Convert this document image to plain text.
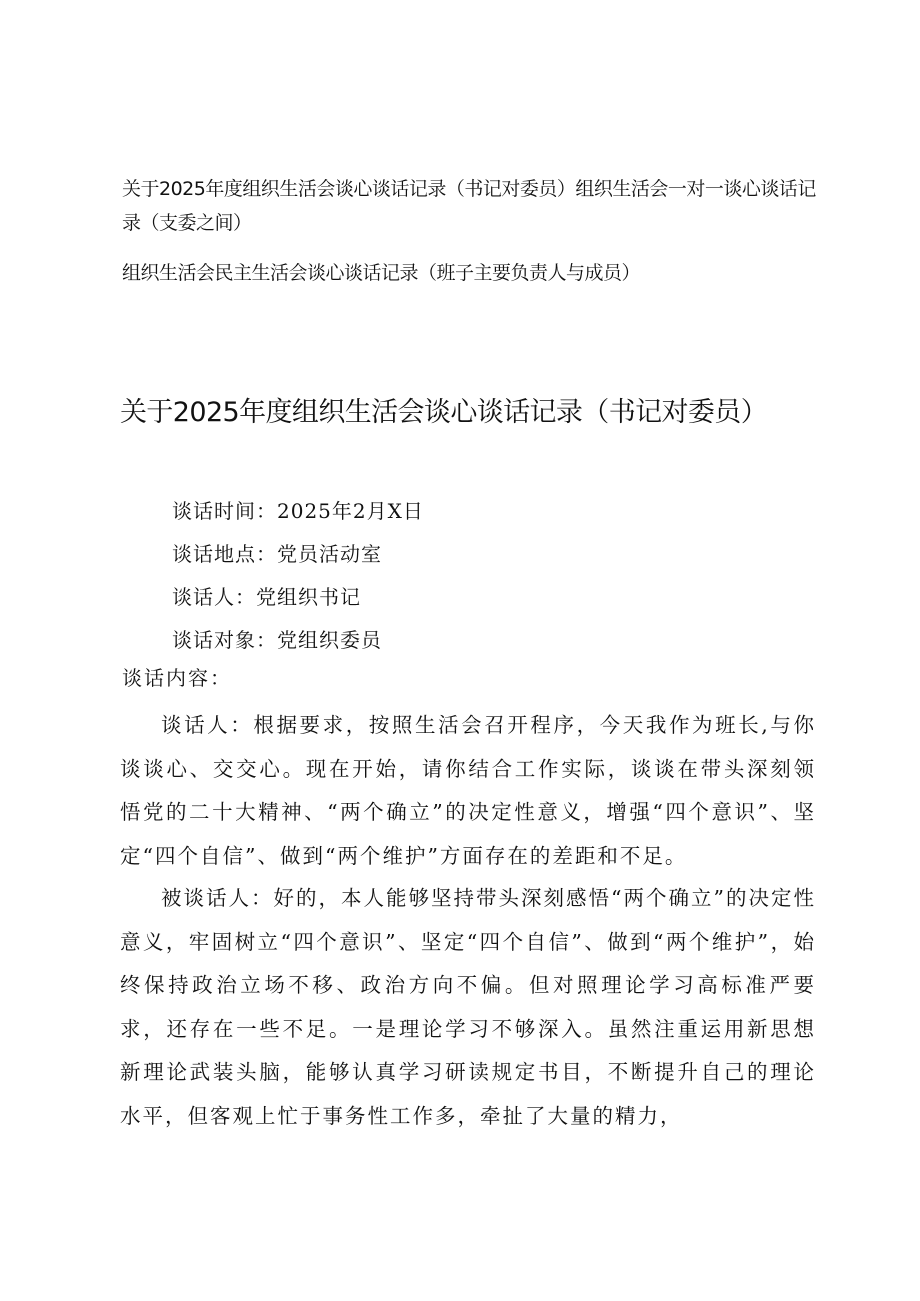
关于2025年度组织生活会谈心谈话记录（书记对委员）组织生活会一对一谈心谈话记录（支委之间）
组织生活会民主生活会谈心谈话记录（班子主要负责人与成员）
关于2025年度组织生活会谈心谈话记录（书记对委员）
谈话时间：2025年2月X日
谈话地点：党员活动室
谈话人：党组织书记
谈话对象：党组织委员
谈话内容：

谈话人：根据要求，按照生活会召开程序，今天我作为班长,与你谈谈心、交交心。现在开始，请你结合工作实际，谈谈在带头深刻领悟党的二十大精神、“两个确立”的决定性意义，增强“四个意识”、坚定“四个自信”、做到“两个维护”方面存在的差距和不足。

被谈话人：好的，本人能够坚持带头深刻感悟“两个确立”的决定性意义，牢固树立“四个意识”、坚定“四个自信”、做到“两个维护”，始终保持政治立场不移、政治方向不偏。但对照理论学习高标准严要求，还存在一些不足。一是理论学习不够深入。虽然注重运用新思想新理论武装头脑，能够认真学习研读规定书目，不断提升自己的理论水平，但客观上忙于事务性工作多，牵扯了大量的精力，
